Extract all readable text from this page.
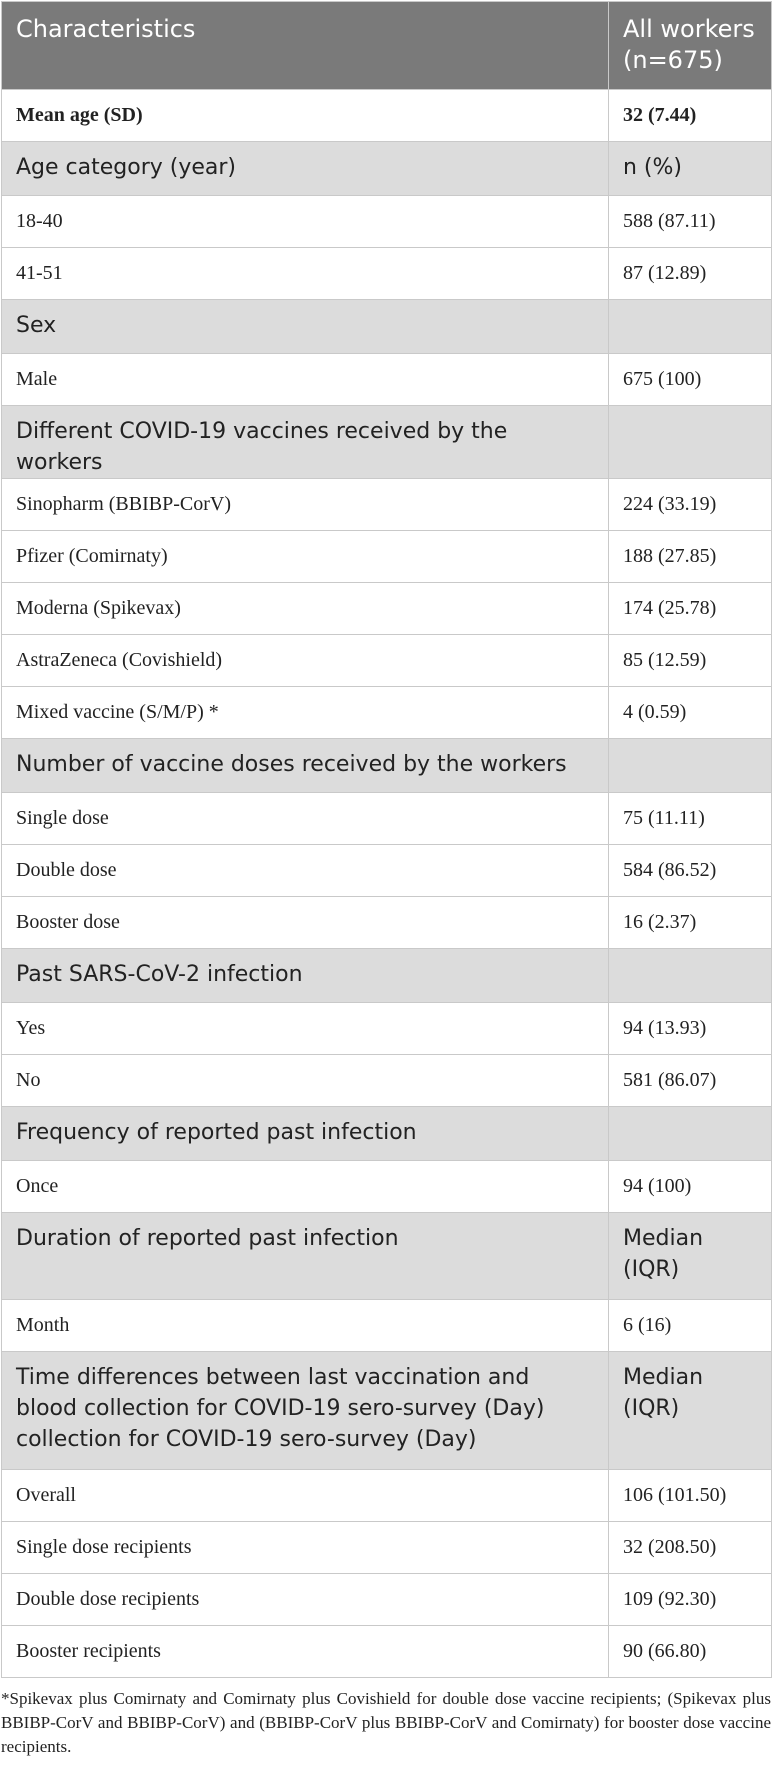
Characteristics	All workers (n=675)
Mean age (SD)	32 (7.44)
Age category (year)	n (%)
18-40	588 (87.11)
41-51	87 (12.89)
Sex	
Male	675 (100)
Different COVID-19 vaccines received by the workers	
Sinopharm (BBIBP-CorV)	224 (33.19)
Pfizer (Comirnaty)	188 (27.85)
Moderna (Spikevax)	174 (25.78)
AstraZeneca (Covishield)	85 (12.59)
Mixed vaccine (S/M/P) *	4 (0.59)
Number of vaccine doses received by the workers	
Single dose	75 (11.11)
Double dose	584 (86.52)
Booster dose	16 (2.37)
Past SARS-CoV-2 infection	
Yes	94 (13.93)
No	581 (86.07)
Frequency of reported past infection	
Once	94 (100)
Duration of reported past infection	Median (IQR)
Month	6 (16)
Time differences between last vaccination and blood collection for COVID-19 sero-survey (Day) collection for COVID-19 sero-survey (Day)	Median (IQR)
Overall	106 (101.50)
Single dose recipients	32 (208.50)
Double dose recipients	109 (92.30)
Booster recipients	90 (66.80)
*Spikevax plus Comirnaty and Comirnaty plus Covishield for double dose vaccine recipients; (Spikevax plus BBIBP-CorV and BBIBP-CorV) and (BBIBP-CorV plus BBIBP-CorV and Comirnaty) for booster dose vaccine recipients.
